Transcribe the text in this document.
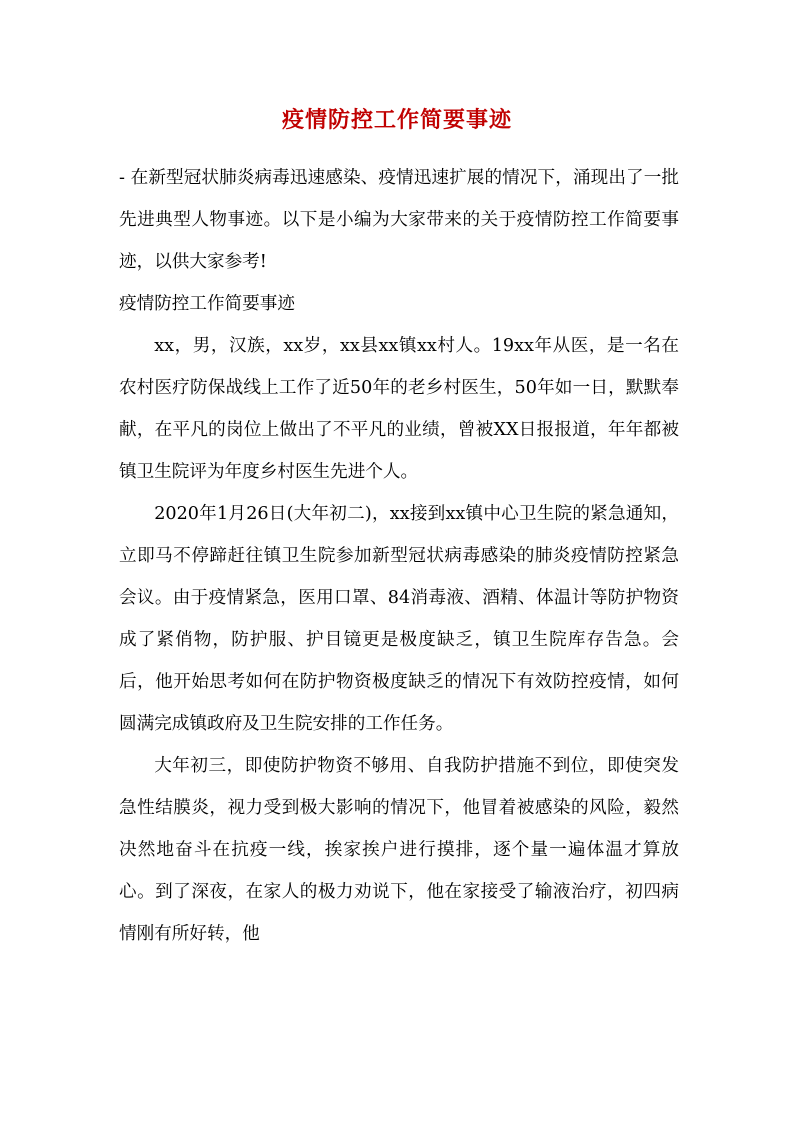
疫情防控工作简要事迹

- 在新型冠状肺炎病毒迅速感染、疫情迅速扩展的情况下，涌现出了一批先进典型人物事迹。以下是小编为大家带来的关于疫情防控工作简要事迹，以供大家参考!

疫情防控工作简要事迹

xx，男，汉族，xx岁，xx县xx镇xx村人。19xx年从医，是一名在农村医疗防保战线上工作了近50年的老乡村医生，50年如一日，默默奉献，在平凡的岗位上做出了不平凡的业绩，曾被XX日报报道，年年都被镇卫生院评为年度乡村医生先进个人。

2020年1月26日(大年初二)，xx接到xx镇中心卫生院的紧急通知，立即马不停蹄赶往镇卫生院参加新型冠状病毒感染的肺炎疫情防控紧急会议。由于疫情紧急，医用口罩、84消毒液、酒精、体温计等防护物资成了紧俏物，防护服、护目镜更是极度缺乏，镇卫生院库存告急。会后，他开始思考如何在防护物资极度缺乏的情况下有效防控疫情，如何圆满完成镇政府及卫生院安排的工作任务。

大年初三，即使防护物资不够用、自我防护措施不到位，即使突发急性结膜炎，视力受到极大影响的情况下，他冒着被感染的风险，毅然决然地奋斗在抗疫一线，挨家挨户进行摸排，逐个量一遍体温才算放心。到了深夜，在家人的极力劝说下，他在家接受了输液治疗，初四病情刚有所好转，他
